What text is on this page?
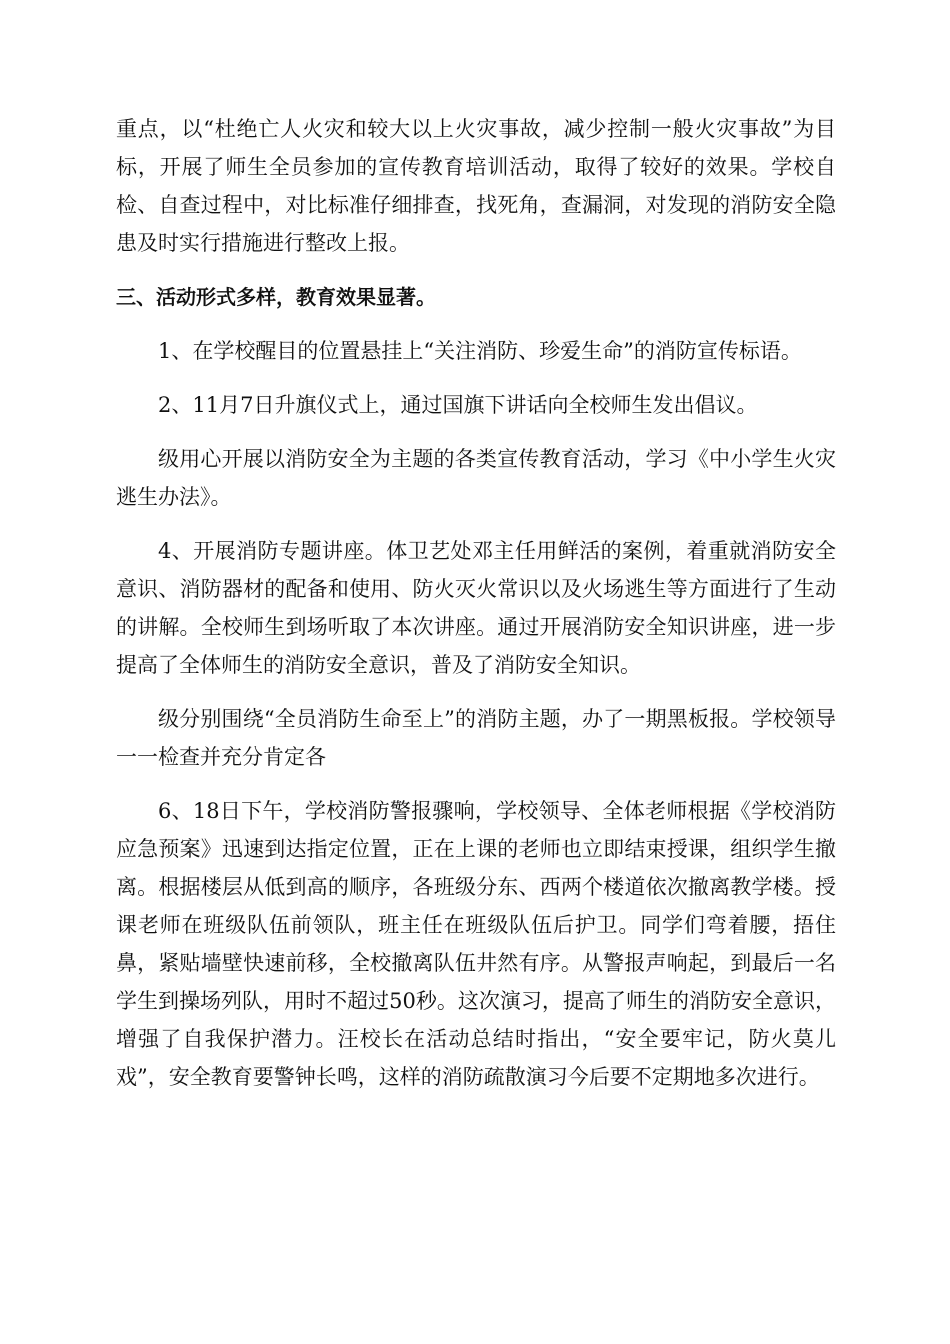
重点，以“杜绝亡人火灾和较大以上火灾事故，减少控制一般火灾事故”为目标，开展了师生全员参加的宣传教育培训活动，取得了较好的效果。学校自检、自查过程中，对比标准仔细排查，找死角，查漏洞，对发现的消防安全隐患及时实行措施进行整改上报。

三、活动形式多样，教育效果显著。

1、在学校醒目的位置悬挂上“关注消防、珍爱生命”的消防宣传标语。

2、11月7日升旗仪式上，通过国旗下讲话向全校师生发出倡议。

级用心开展以消防安全为主题的各类宣传教育活动，学习《中小学生火灾逃生办法》。

4、开展消防专题讲座。体卫艺处邓主任用鲜活的案例，着重就消防安全意识、消防器材的配备和使用、防火灭火常识以及火场逃生等方面进行了生动的讲解。全校师生到场听取了本次讲座。通过开展消防安全知识讲座，进一步提高了全体师生的消防安全意识，普及了消防安全知识。

级分别围绕“全员消防生命至上”的消防主题，办了一期黑板报。学校领导一一检查并充分肯定各

6、18日下午，学校消防警报骤响，学校领导、全体老师根据《学校消防应急预案》迅速到达指定位置，正在上课的老师也立即结束授课，组织学生撤离。根据楼层从低到高的顺序，各班级分东、西两个楼道依次撤离教学楼。授课老师在班级队伍前领队，班主任在班级队伍后护卫。同学们弯着腰，捂住鼻，紧贴墙壁快速前移，全校撤离队伍井然有序。从警报声响起，到最后一名学生到操场列队，用时不超过50秒。这次演习，提高了师生的消防安全意识，增强了自我保护潜力。汪校长在活动总结时指出，“安全要牢记，防火莫儿戏”，安全教育要警钟长鸣，这样的消防疏散演习今后要不定期地多次进行。
